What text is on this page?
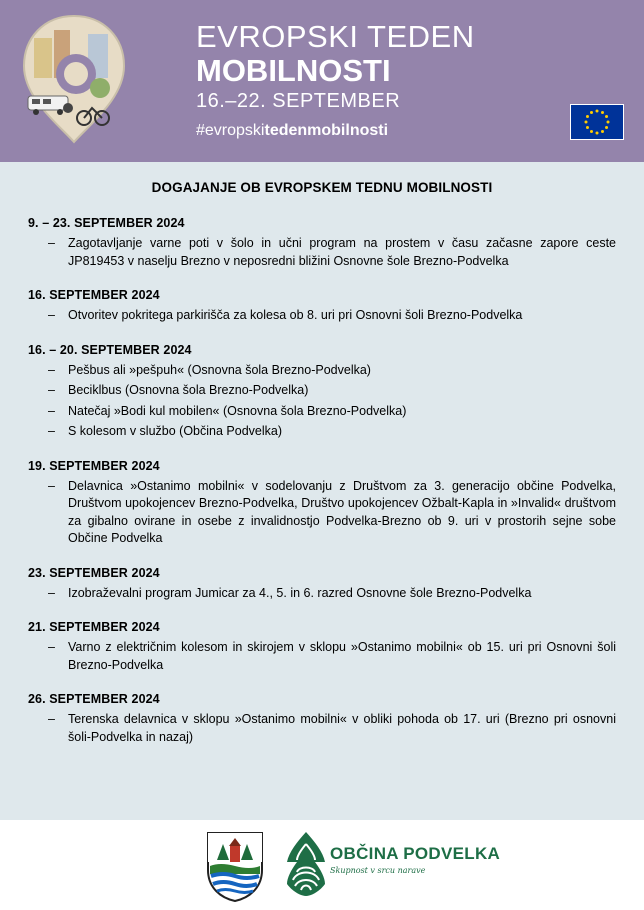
EVROPSKI TEDEN
MOBILNOSTI
16.–22. SEPTEMBER
#evropskitedenmobilnosti
DOGAJANJE OB EVROPSKEM TEDNU MOBILNOSTI
9. – 23. SEPTEMBER 2024
– Zagotavljanje varne poti v šolo in učni program na prostem v času začasne zapore ceste JP819453 v naselju Brezno v neposredni bližini Osnovne šole Brezno-Podvelka
16. SEPTEMBER 2024
– Otvoritev pokritega parkirišča za kolesa ob 8. uri pri Osnovni šoli Brezno-Podvelka
16. – 20. SEPTEMBER 2024
– Pešbus ali »pešpuh« (Osnovna šola Brezno-Podvelka)
– Beciklbus (Osnovna šola Brezno-Podvelka)
– Natečaj »Bodi kul mobilen« (Osnovna šola Brezno-Podvelka)
– S kolesom v službo (Občina Podvelka)
19. SEPTEMBER 2024
– Delavnica »Ostanimo mobilni« v sodelovanju z Društvom za 3. generacijo občine Podvelka, Društvom upokojencev Brezno-Podvelka, Društvo upokojencev Ožbalt-Kapla in »Invalid« društvom za gibalno ovirane in osebe z invalidnostjo Podvelka-Brezno ob 9. uri v prostorih sejne sobe Občine Podvelka
23. SEPTEMBER 2024
– Izobraževalni program Jumicar za 4., 5. in 6. razred Osnovne šole Brezno-Podvelka
21. SEPTEMBER 2024
– Varno z električnim kolesom in skirojem v sklopu »Ostanimo mobilni« ob 15. uri pri Osnovni šoli Brezno-Podvelka
26. SEPTEMBER 2024
– Terenska delavnica v sklopu »Ostanimo mobilni« v obliki pohoda ob 17. uri (Brezno pri osnovni šoli-Podvelka in nazaj)
OBČINA PODVELKA
Skupnost v srcu narave
